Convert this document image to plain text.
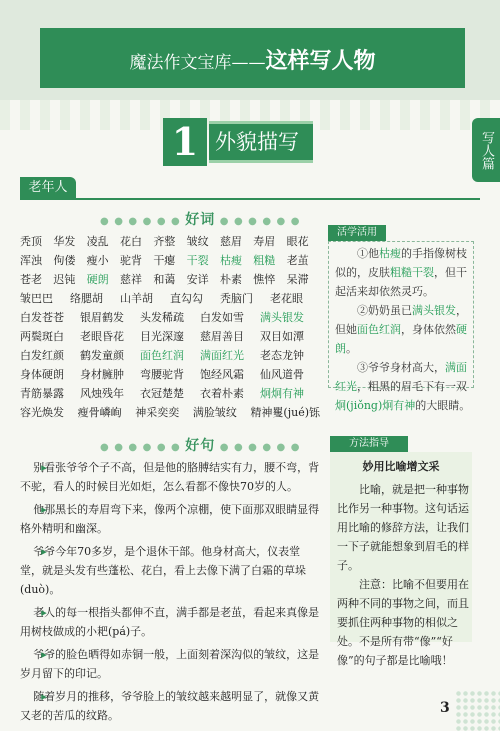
魔法作文宝库——这样写人物
1 外貌描写	写人篇
老年人
● ● ● ● ● ● 好词 ● ● ● ● ● ●
秃顶	华发	凌乱	花白	齐整	皱纹	慈眉	寿眉	眼花
浑浊	佝偻	瘦小	驼背	干瘪	干裂	枯瘦	粗糙	老茧
苍老	迟钝	硬朗	慈祥	和蔼	安详	朴素	憔悴	呆滞
皱巴巴	络腮胡	山羊胡	直勾勾	秃脑门	老花眼
白发苍苍	银眉鹤发	头发稀疏	白发如雪	满头银发
两鬓斑白	老眼昏花	目光深邃	慈眉善目	双目如潭
白发红颜	鹤发童颜	面色红润	满面红光	老态龙钟
身体硬朗	身材臃肿	弯腰驼背	饱经风霜	仙风道骨
青筋暴露	风烛残年	衣冠楚楚	衣着朴素	炯炯有神
容光焕发	瘦骨嶙峋	神采奕奕	满脸皱纹	精神矍(jué)铄
活学活用

①他枯瘦的手指像树枝似的，皮肤粗糙干裂，但干起活来却依然灵巧。

②奶奶虽已满头银发，但她面色红润，身体依然硬朗。

③爷爷身材高大，满面红光，粗黑的眉毛下有一双炯(jiǒng)炯有神的大眼睛。

● ● ● ● ● ● 好句 ● ● ● ● ● ●

▸ 别看张爷爷个子不高，但是他的胳膊结实有力，腰不弯，背不驼，看人的时候目光如炬，怎么看都不像快70岁的人。

▸ 他那黑长的寿眉弯下来，像两个凉棚，使下面那双眼睛显得格外精明和幽深。

▸ 爷爷今年70多岁，是个退休干部。他身材高大，仪表堂堂，就是头发有些蓬松、花白，看上去像下满了白霜的草垛(duò)。

▸ 老人的每一根指头都伸不直，满手都是老茧，看起来真像是用树枝做成的小耙(pá)子。

▸ 爷爷的脸色晒得如赤铜一般，上面刻着深沟似的皱纹，这是岁月留下的印记。

▸ 随着岁月的推移，爷爷脸上的皱纹越来越明显了，就像又黄又老的苦瓜的纹路。

方法指导
妙用比喻增文采

比喻，就是把一种事物比作另一种事物。这句话运用比喻的修辞方法，让我们一下子就能想象到眉毛的样子。

注意：比喻不但要用在两种不同的事物之间，而且要抓住两种事物的相似之处。不是所有带“像”“好像”的句子都是比喻哦！

3
